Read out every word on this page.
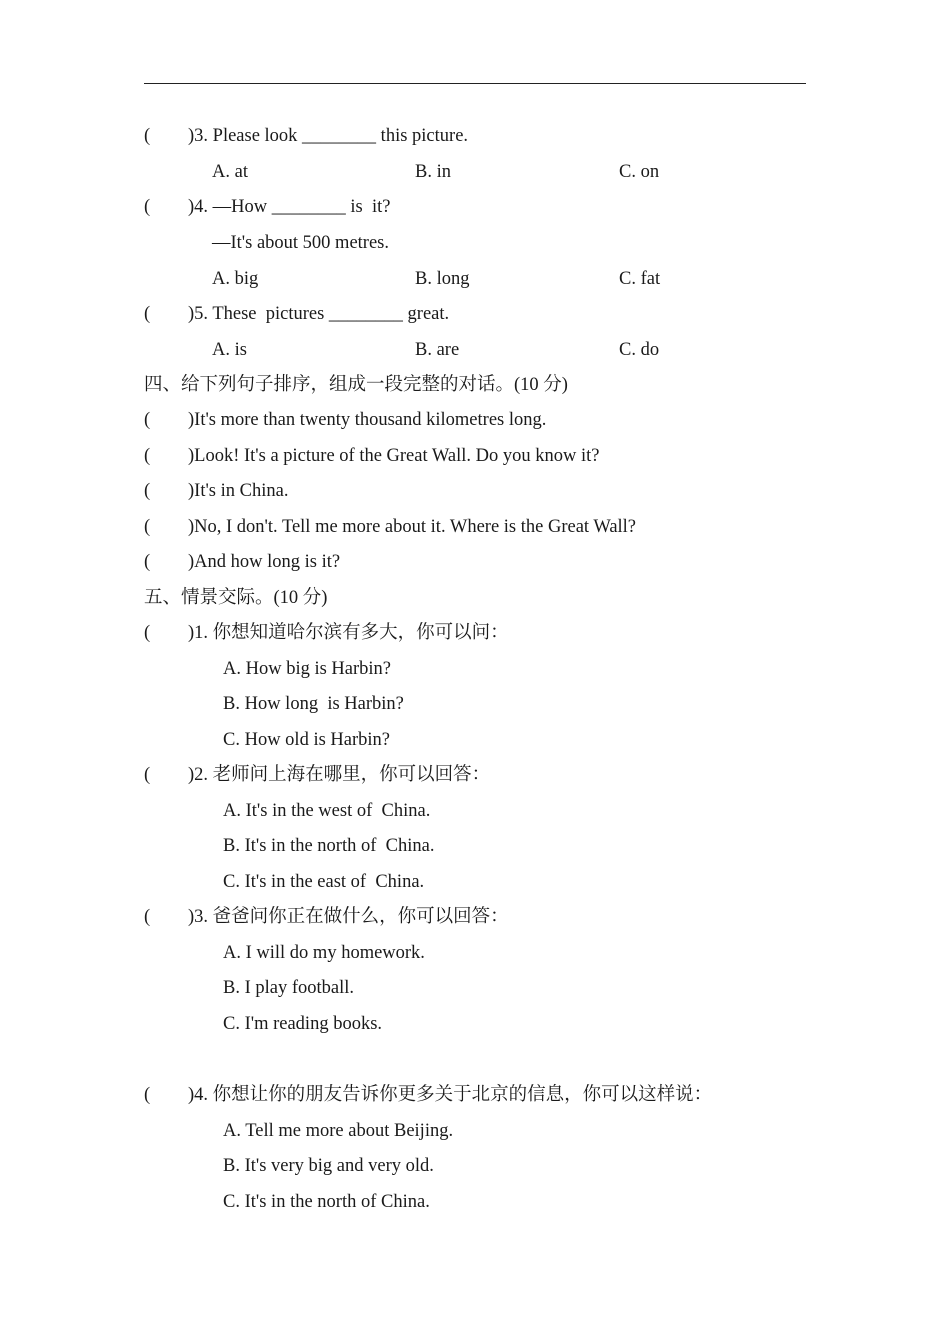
(

)3. Please look ________ this picture.

A. at	B. in	C. on

(

)4. —How ________ is  it?

—It's about 500 metres.
A. big	B. long	C. fat

(

)5. These  pictures ________ great.

A. is	B. are	C. do
四、给下列句子排序，组成一段完整的对话。(10 分)

(

)It's more than twenty thousand kilometres long.

(

)Look! It's a picture of the Great Wall. Do you know it?

(

)It's in China.

(

)No, I don't. Tell me more about it. Where is the Great Wall?

(

)And how long is it?

五、情景交际。(10 分)

(

)1. 你想知道哈尔滨有多大，你可以问：

A. How big is Harbin?
B. How long  is Harbin?
C. How old is Harbin?

(

)2. 老师问上海在哪里，你可以回答：

A. It's in the west of  China.
B. It's in the north of  China.
C. It's in the east of  China.

(

)3. 爸爸问你正在做什么，你可以回答：

A. I will do my homework.
B. I play football.
C. I'm reading books.

(

)4. 你想让你的朋友告诉你更多关于北京的信息，你可以这样说：

A. Tell me more about Beijing.
B. It's very big and very old.
C. It's in the north of China.
